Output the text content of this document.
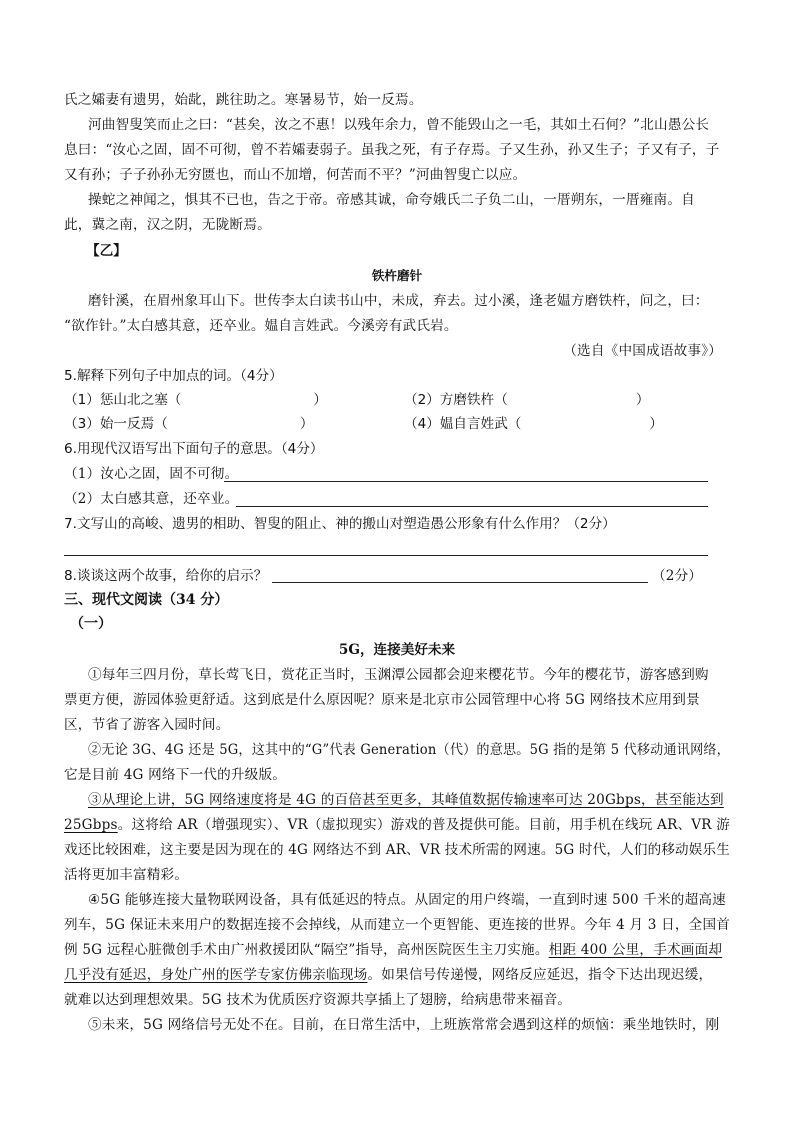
氏之孀妻有遗男，始龀，跳往助之。寒暑易节，始一反焉。
河曲智叟笑而止之曰：“甚矣，汝之不惠！以残年余力，曾不能毁山之一毛，其如土石何？”北山愚公长
息曰：“汝心之固，固不可彻，曾不若孀妻弱子。虽我之死，有子存焉。子又生孙，孙又生子；子又有子，子
又有孙；子子孙孙无穷匮也，而山不加增，何苦而不平？”河曲智叟亡以应。
操蛇之神闻之，惧其不已也，告之于帝。帝感其诚，命夸娥氏二子负二山，一厝朔东，一厝雍南。自
此，冀之南，汉之阴，无陇断焉。
【乙】
铁杵磨针
磨针溪，在眉州象耳山下。世传李太白读书山中，未成，弃去。过小溪，逢老媪方磨铁杵，问之，曰：
“欲作针。”太白感其意，还卒业。媪自言姓武。今溪旁有武氏岩。
（选自《中国成语故事》）
5.解释下列句子中加点的词。（4分）
（1）惩山北之塞（	）	（2）方磨铁杵（	）
（3）始一反焉（	）	（4）媪自言姓武（	）
6.用现代汉语写出下面句子的意思。（4分）
（1）汝心之固，固不可彻。
（2）太白感其意，还卒业。
7.文写山的高峻、遗男的相助、智叟的阻止、神的搬山对塑造愚公形象有什么作用？（2分）
8.谈谈这两个故事，给你的启示？	（2分）
三、现代文阅读（34 分）
（一）
5G，连接美好未来
①每年三四月份，草长莺飞日，赏花正当时，玉渊潭公园都会迎来樱花节。今年的樱花节，游客感到购
票更方便，游园体验更舒适。这到底是什么原因呢？原来是北京市公园管理中心将 5G 网络技术应用到景
区，节省了游客入园时间。
②无论 3G、4G 还是 5G，这其中的“G”代表 Generation（代）的意思。5G 指的是第 5 代移动通讯网络，
它是目前 4G 网络下一代的升级版。
③从理论上讲，5G 网络速度将是 4G 的百倍甚至更多，其峰值数据传输速率可达 20Gbps，甚至能达到
25Gbps。这将给 AR（增强现实）、VR（虚拟现实）游戏的普及提供可能。目前，用手机在线玩 AR、VR 游
戏还比较困难，这主要是因为现在的 4G 网络达不到 AR、VR 技术所需的网速。5G 时代，人们的移动娱乐生
活将更加丰富精彩。
④5G 能够连接大量物联网设备，具有低延迟的特点。从固定的用户终端，一直到时速 500 千米的超高速
列车，5G 保证未来用户的数据连接不会掉线，从而建立一个更智能、更连接的世界。今年 4 月 3 日，全国首
例 5G 远程心脏微创手术由广州救援团队“隔空”指导，高州医院医生主刀实施。相距 400 公里，手术画面却
几乎没有延迟，身处广州的医学专家仿佛亲临现场。如果信号传递慢，网络反应延迟，指令下达出现迟缓，
就难以达到理想效果。5G 技术为优质医疗资源共享插上了翅膀，给病患带来福音。
⑤未来，5G 网络信号无处不在。目前，在日常生活中，上班族常常会遇到这样的烦恼：乘坐地铁时，刚
